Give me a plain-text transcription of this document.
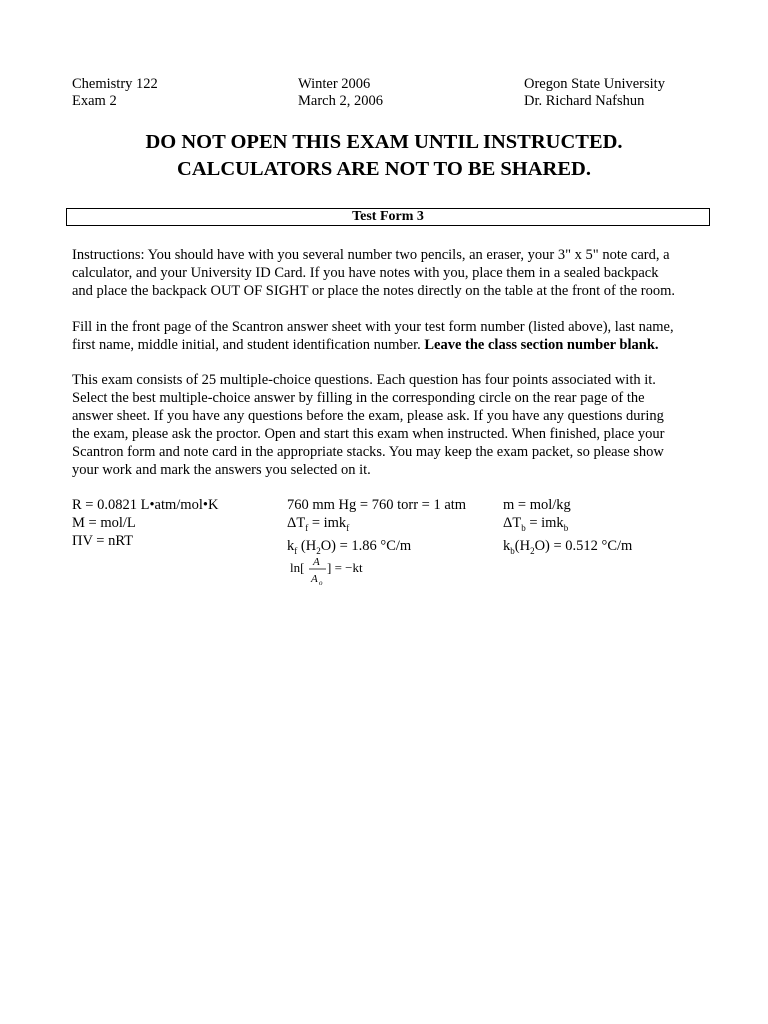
Chemistry 122
Exam 2
Winter 2006
March 2, 2006
Oregon State University
Dr. Richard Nafshun
DO NOT OPEN THIS EXAM UNTIL INSTRUCTED.
CALCULATORS ARE NOT TO BE SHARED.
Test Form 3
Instructions: You should have with you several number two pencils, an eraser, your 3" x 5" note card, a
calculator, and your University ID Card. If you have notes with you, place them in a sealed backpack
and place the backpack OUT OF SIGHT or place the notes directly on the table at the front of the room.
Fill in the front page of the Scantron answer sheet with your test form number (listed above), last name,
first name, middle initial, and student identification number. Leave the class section number blank.
This exam consists of 25 multiple-choice questions. Each question has four points associated with it.
Select the best multiple-choice answer by filling in the corresponding circle on the rear page of the
answer sheet. If you have any questions before the exam, please ask. If you have any questions during
the exam, please ask the proctor. Open and start this exam when instructed. When finished, place your
Scantron form and note card in the appropriate stacks. You may keep the exam packet, so please show
your work and mark the answers you selected on it.
R = 0.0821 L•atm/mol•K
M = mol/L
ΠV = nRT
760 mm Hg = 760 torr = 1 atm
$\Delta T_f = imk_f$
$k_f$ $(H_2O) = 1.86$ °C/m
m = mol/kg
$\Delta T_b = imk_b$
$k_b(H_2O) = 0.512$ °C/m
ln[ A
A o
] = −kt
